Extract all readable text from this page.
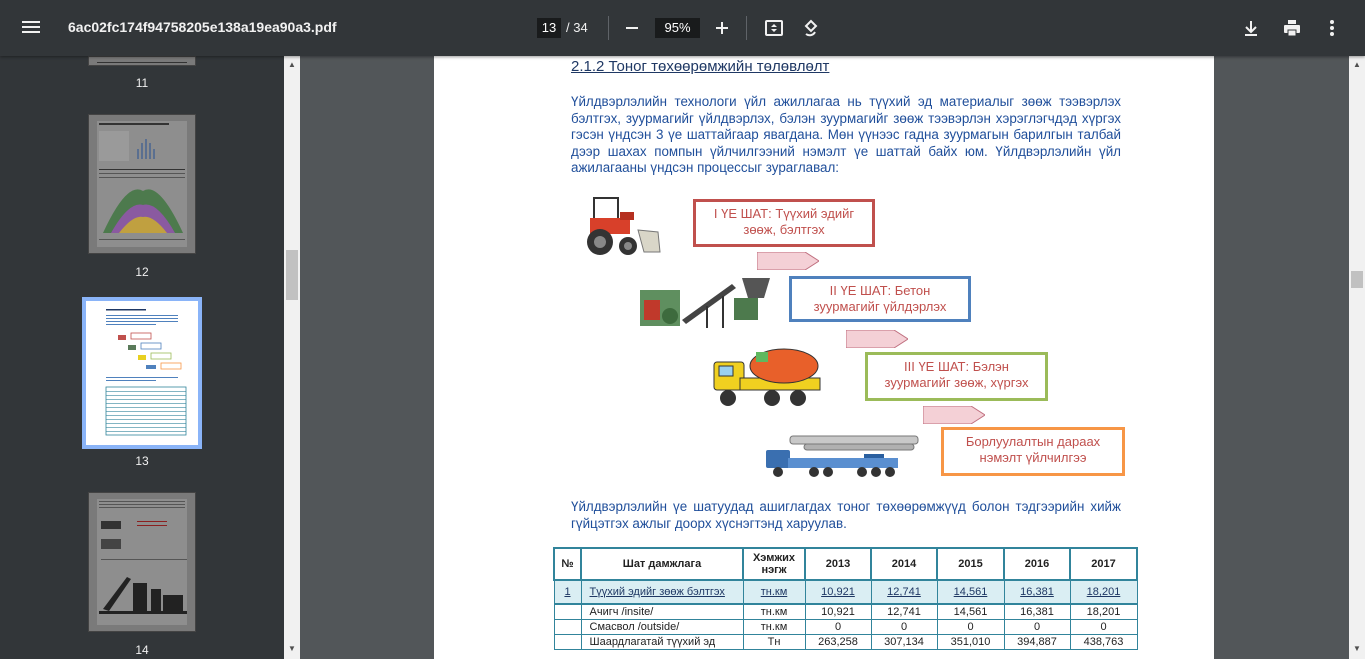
6ac02fc174f94758205e138a19ea90a3.pdf	13 / 34	95%
11
12
13
14
▲
▼
▲
▼
2.1.2 Тоног төхөөрөмжийн төлөвлөлт
Үйлдвэрлэлийн технологи үйл ажиллагаа нь түүхий эд материалыг зөөж тээвэрлэх бэлтгэх, зуурмагийг үйлдвэрлэх, бэлэн зуурмагийг зөөж тээвэрлэн хэрэглэгчдэд хүргэх гэсэн үндсэн 3 үе шаттайгаар явагдана. Мөн үүнээс гадна зуурмагын барилгын талбай дээр шахах помпын үйлчилгээний нэмэлт үе шаттай байх юм. Үйлдвэрлэлийн үйл ажилагааны үндсэн процессыг зураглавал:
I ҮЕ ШАТ: Түүхий эдийг
зөөж, бэлтгэх
II ҮЕ ШАТ: Бетон
зуурмагийг үйлдэрлэх
III ҮЕ ШАТ: Бэлэн
зуурмагийг зөөж, хүргэх
Борлуулалтын дараах
нэмэлт үйлчилгээ
Үйлдвэрлэлийн үе шатуудад ашиглагдах тоног төхөөрөмжүүд болон тэдгээрийн хийж гүйцэтгэх ажлыг доорх хүснэгтэнд харуулав.
№	Шат дамжлага	Хэмжих нэгж	2013	2014	2015	2016	2017
1	Түүхий эдийг зөөж бэлтгэх	тн.км	10,921	12,741	14,561	16,381	18,201
	Ачигч /insite/	тн.км	10,921	12,741	14,561	16,381	18,201
	Смасвол /outside/	тн.км	0	0	0	0	0
	Шаардлагатай түүхий эд	Тн	263,258	307,134	351,010	394,887	438,763
